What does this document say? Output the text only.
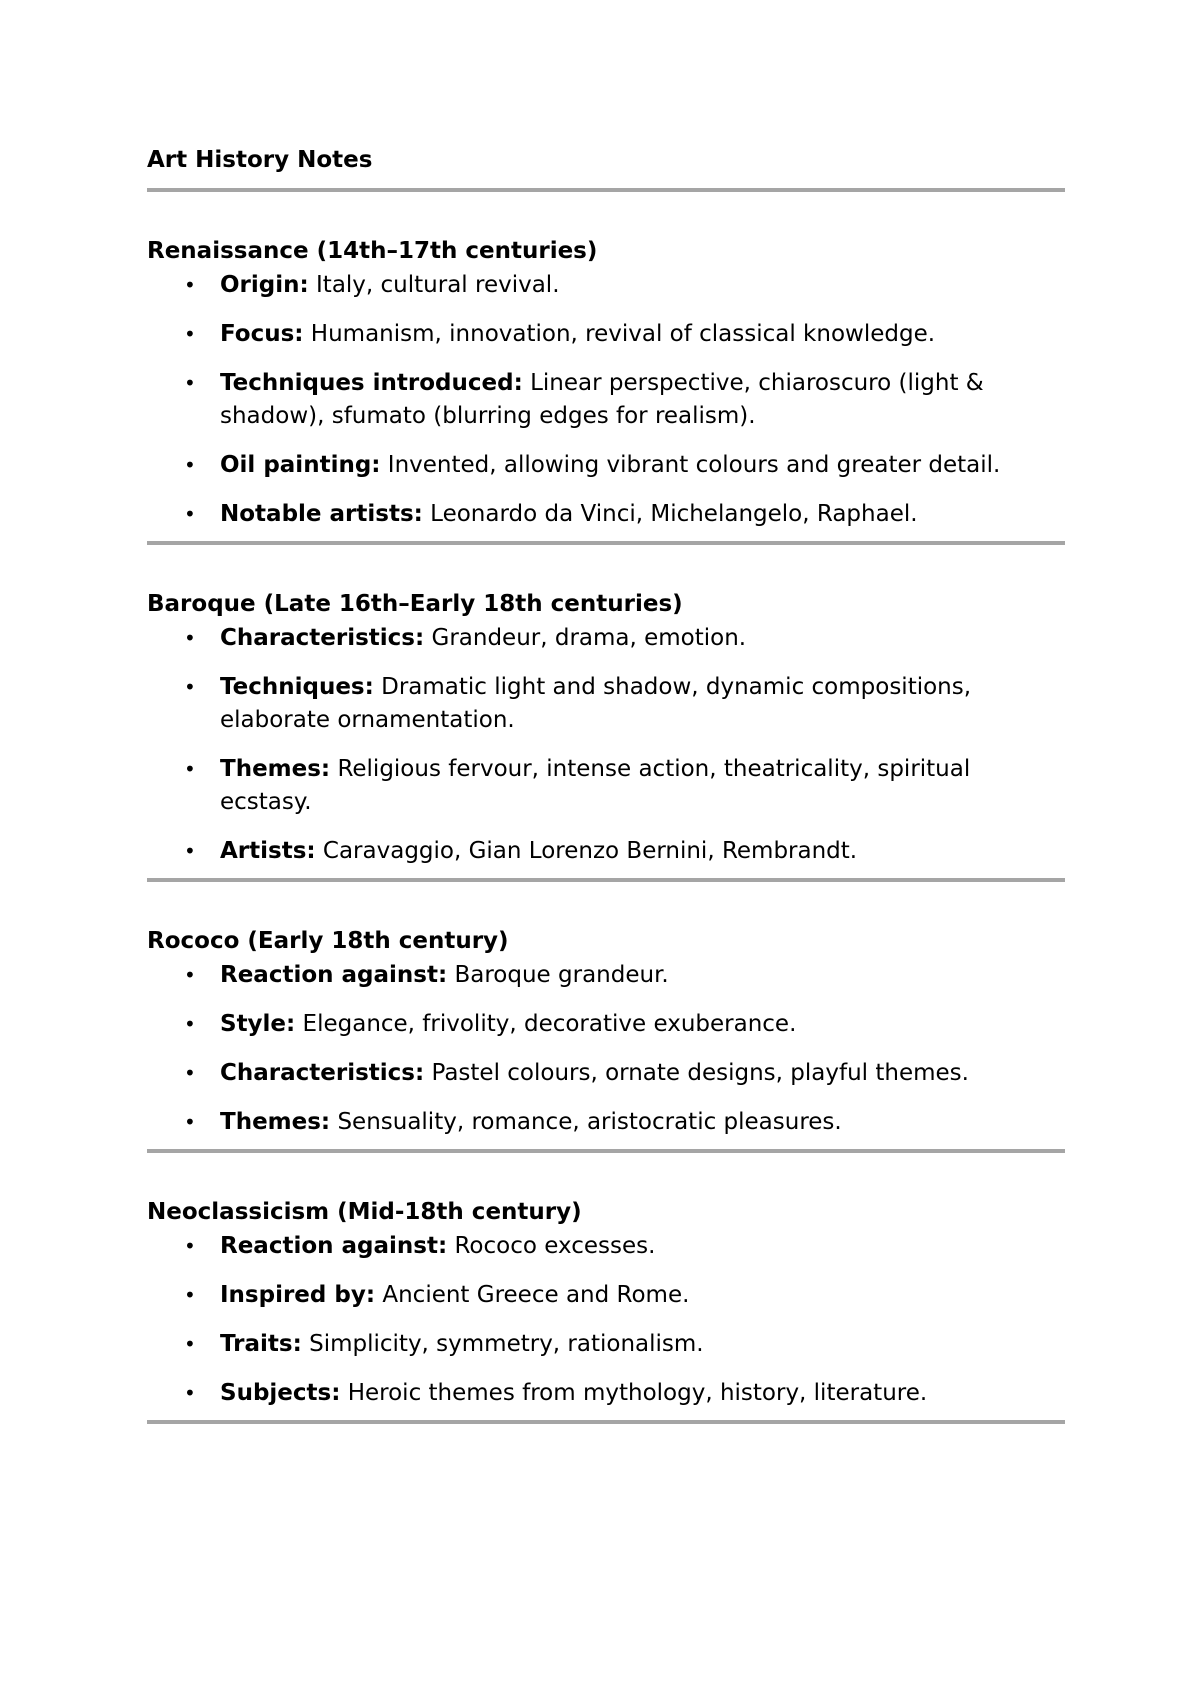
Art History Notes
Renaissance (14th–17th centuries)
• Origin: Italy, cultural revival.
• Focus: Humanism, innovation, revival of classical knowledge.
• Techniques introduced: Linear perspective, chiaroscuro (light & shadow), sfumato (blurring edges for realism).
• Oil painting: Invented, allowing vibrant colours and greater detail.
• Notable artists: Leonardo da Vinci, Michelangelo, Raphael.
Baroque (Late 16th–Early 18th centuries)
• Characteristics: Grandeur, drama, emotion.
• Techniques: Dramatic light and shadow, dynamic compositions, elaborate ornamentation.
• Themes: Religious fervour, intense action, theatricality, spiritual ecstasy.
• Artists: Caravaggio, Gian Lorenzo Bernini, Rembrandt.
Rococo (Early 18th century)
• Reaction against: Baroque grandeur.
• Style: Elegance, frivolity, decorative exuberance.
• Characteristics: Pastel colours, ornate designs, playful themes.
• Themes: Sensuality, romance, aristocratic pleasures.
Neoclassicism (Mid-18th century)
• Reaction against: Rococo excesses.
• Inspired by: Ancient Greece and Rome.
• Traits: Simplicity, symmetry, rationalism.
• Subjects: Heroic themes from mythology, history, literature.
